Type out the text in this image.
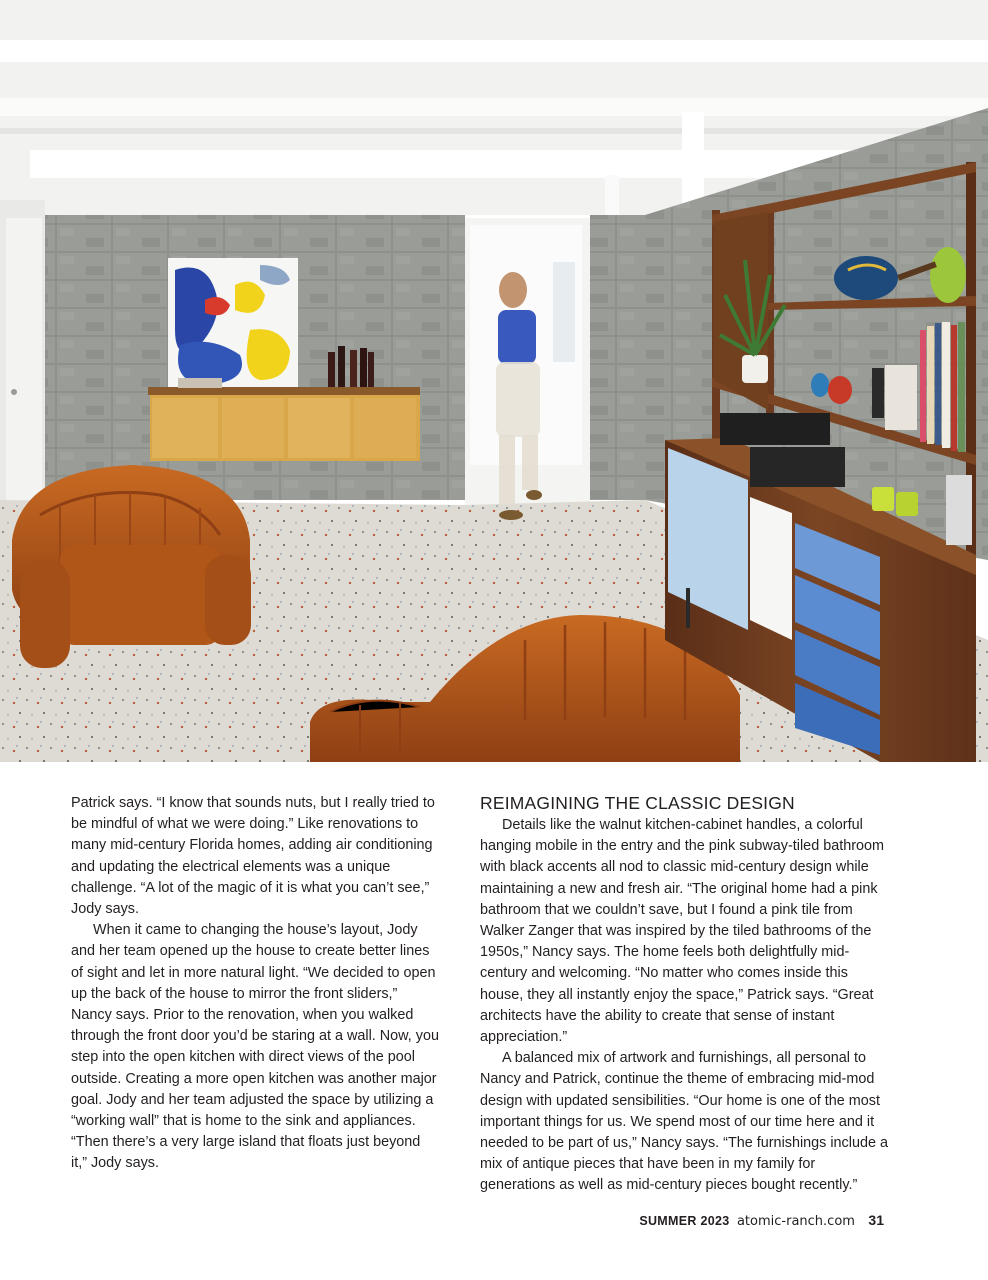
Patrick says. “I know that sounds nuts, but I really tried to be mindful of what we were doing.” Like renovations to many mid-century Florida homes, adding air conditioning and updating the electrical elements was a unique challenge. “A lot of the magic of it is what you can’t see,” Jody says.

When it came to changing the house’s layout, Jody and her team opened up the house to create better lines of sight and let in more natural light. “We decided to open up the back of the house to mirror the front sliders,” Nancy says. Prior to the renovation, when you walked through the front door you’d be staring at a wall. Now, you step into the open kitchen with direct views of the pool outside. Creating a more open kitchen was another major goal. Jody and her team adjusted the space by utilizing a “working wall” that is home to the sink and appliances. “Then there’s a very large island that floats just beyond it,” Jody says.

REIMAGINING THE CLASSIC DESIGN

Details like the walnut kitchen-cabinet handles, a colorful hanging mobile in the entry and the pink subway-tiled bathroom with black accents all nod to classic mid-century design while maintaining a new and fresh air. “The original home had a pink bathroom that we couldn’t save, but I found a pink tile from Walker Zanger that was inspired by the tiled bathrooms of the 1950s,” Nancy says. The home feels both delightfully mid-century and welcoming. “No matter who comes inside this house, they all instantly enjoy the space,” Patrick says. “Great architects have the ability to create that sense of instant appreciation.”

A balanced mix of artwork and furnishings, all personal to Nancy and Patrick, continue the theme of embracing mid-mod design with updated sensibilities. “Our home is one of the most important things for us. We spend most of our time here and it needed to be part of us,” Nancy says. “The furnishings include a mix of antique pieces that have been in my family for generations as well as mid-century pieces bought recently.”

SUMMER 2023 atomic-ranch.com 31
